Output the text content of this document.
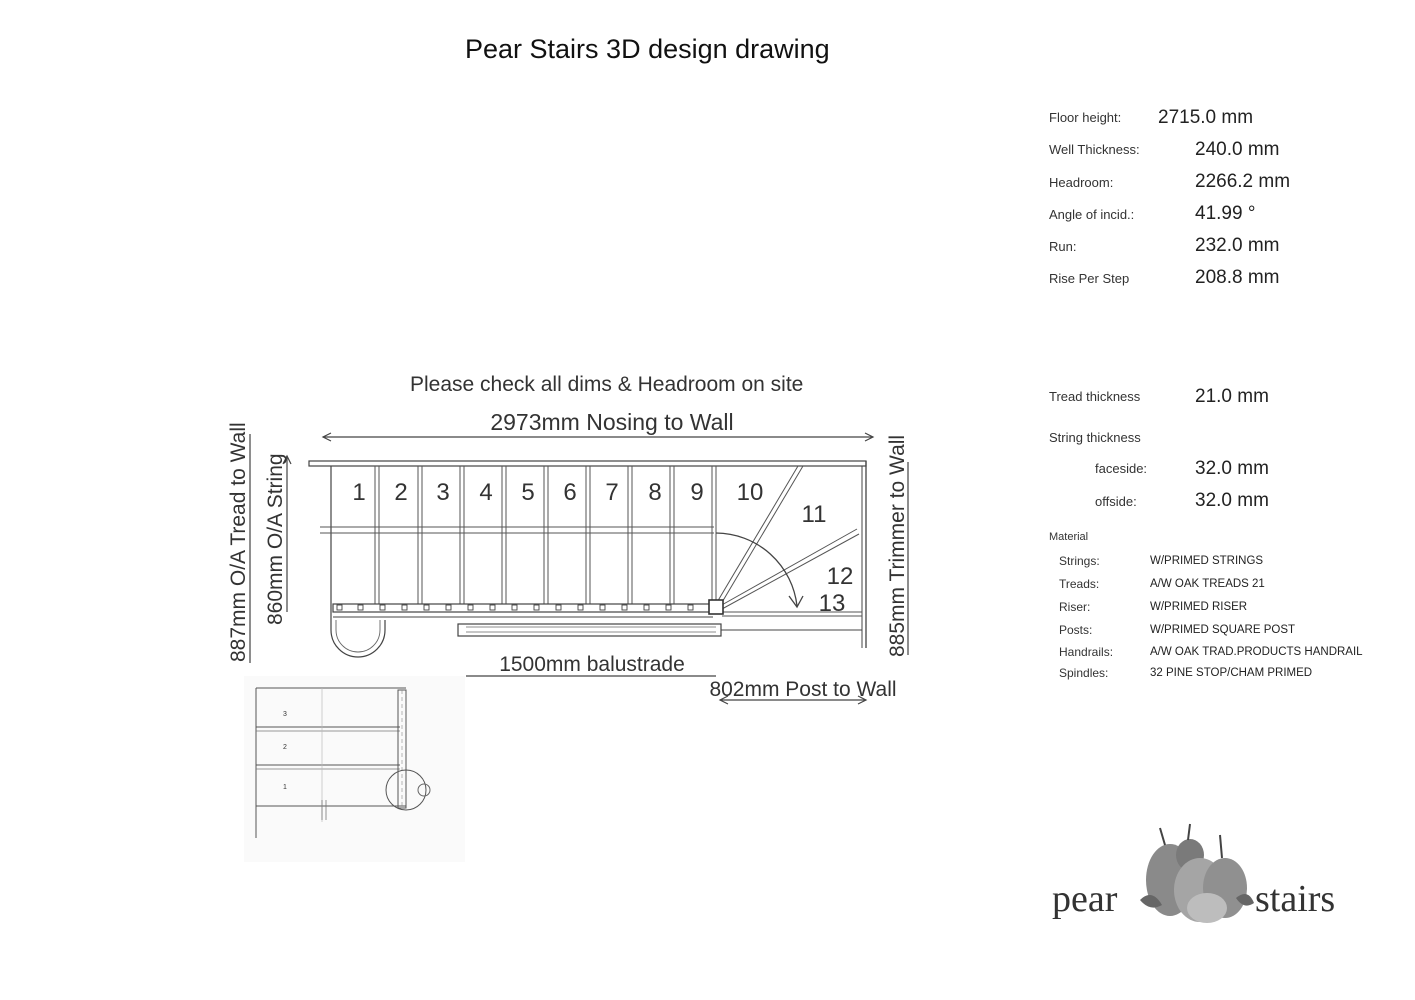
Pear Stairs 3D design drawing
Floor height: 2715.0 mm
Well Thickness:	240.0 mm
Headroom:	2266.2 mm
Angle of incid.:	41.99 °
Run:	232.0 mm
Rise Per Step	208.8 mm
Tread thickness	21.0 mm
String thickness
faceside:	32.0 mm
offside:	32.0 mm
Material
Strings:	W/PRIMED STRINGS
Treads:	A/W OAK TREADS 21
Riser:	W/PRIMED RISER
Posts:	W/PRIMED SQUARE POST
Handrails:	A/W OAK TRAD.PRODUCTS HANDRAIL
Spindles:	32 PINE STOP/CHAM PRIMED
Please check all dims & Headroom on site
2973mm Nosing to Wall
1 2 3 4 5 6 7 8 9 10
11
12
13
887mm O/A Tread to Wall 860mm O/A String	885mm Trimmer to Wall
1500mm balustrade
802mm Post to Wall
3
2
1
pear	stairs
